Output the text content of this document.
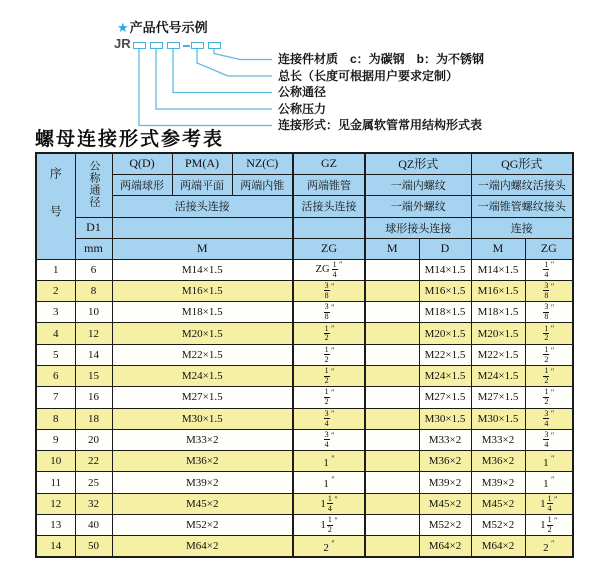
★产品代号示例
JR
连接件材质　c：为碳钢　b：为不锈钢
总长（长度可根据用户要求定制）
公称通径
公称压力
连接形式：见金属软管常用结构形式表
螺母连接形式参考表
序号	公称通径	Q(D)	PM(A)	NZ(C)	GZ	QZ形式		QG形式	
		两端球形	两端平面	两端内锥	两端锥管	一端内螺纹		一端内螺纹活接头	
		活接头连接			活接头连接	一端外螺纹		一端锥管螺纹接头	
	D1					球形接头连接		连接	
	mm	M			ZG	M	D	M	ZG
1	6	M14×1.5			ZG $\frac{1}{4} ''$		M14×1.5	M14×1.5	$\frac{1}{4} ''$
2	8	M16×1.5			$\frac{3}{8} ''$		M16×1.5	M16×1.5	$\frac{3}{8} ''$
3	10	M18×1.5			$\frac{3}{8} ''$		M18×1.5	M18×1.5	$\frac{3}{8} ''$
4	12	M20×1.5			$\frac{1}{2} ''$		M20×1.5	M20×1.5	$\frac{1}{2} ''$
5	14	M22×1.5			$\frac{1}{2} ''$		M22×1.5	M22×1.5	$\frac{1}{2} ''$
6	15	M24×1.5			$\frac{1}{2} ''$		M24×1.5	M24×1.5	$\frac{1}{2} ''$
7	16	M27×1.5			$\frac{1}{2} ''$		M27×1.5	M27×1.5	$\frac{1}{2} ''$
8	18	M30×1.5			$\frac{3}{4} ''$		M30×1.5	M30×1.5	$\frac{3}{4} ''$
9	20	M33×2			$\frac{3}{4} ''$		M33×2	M33×2	$\frac{3}{4} ''$
10	22	M36×2			1 ″		M36×2	M36×2	1 ″
11	25	M39×2			1 ″		M39×2	M39×2	1 ″
12	32	M45×2			$1 \frac{1}{4} ''$		M45×2	M45×2	$1 \frac{1}{4} ''$
13	40	M52×2			$1 \frac{1}{2} ''$		M52×2	M52×2	$1 \frac{1}{2} ''$
14	50	M64×2			2 ″		M64×2	M64×2	2 ″
